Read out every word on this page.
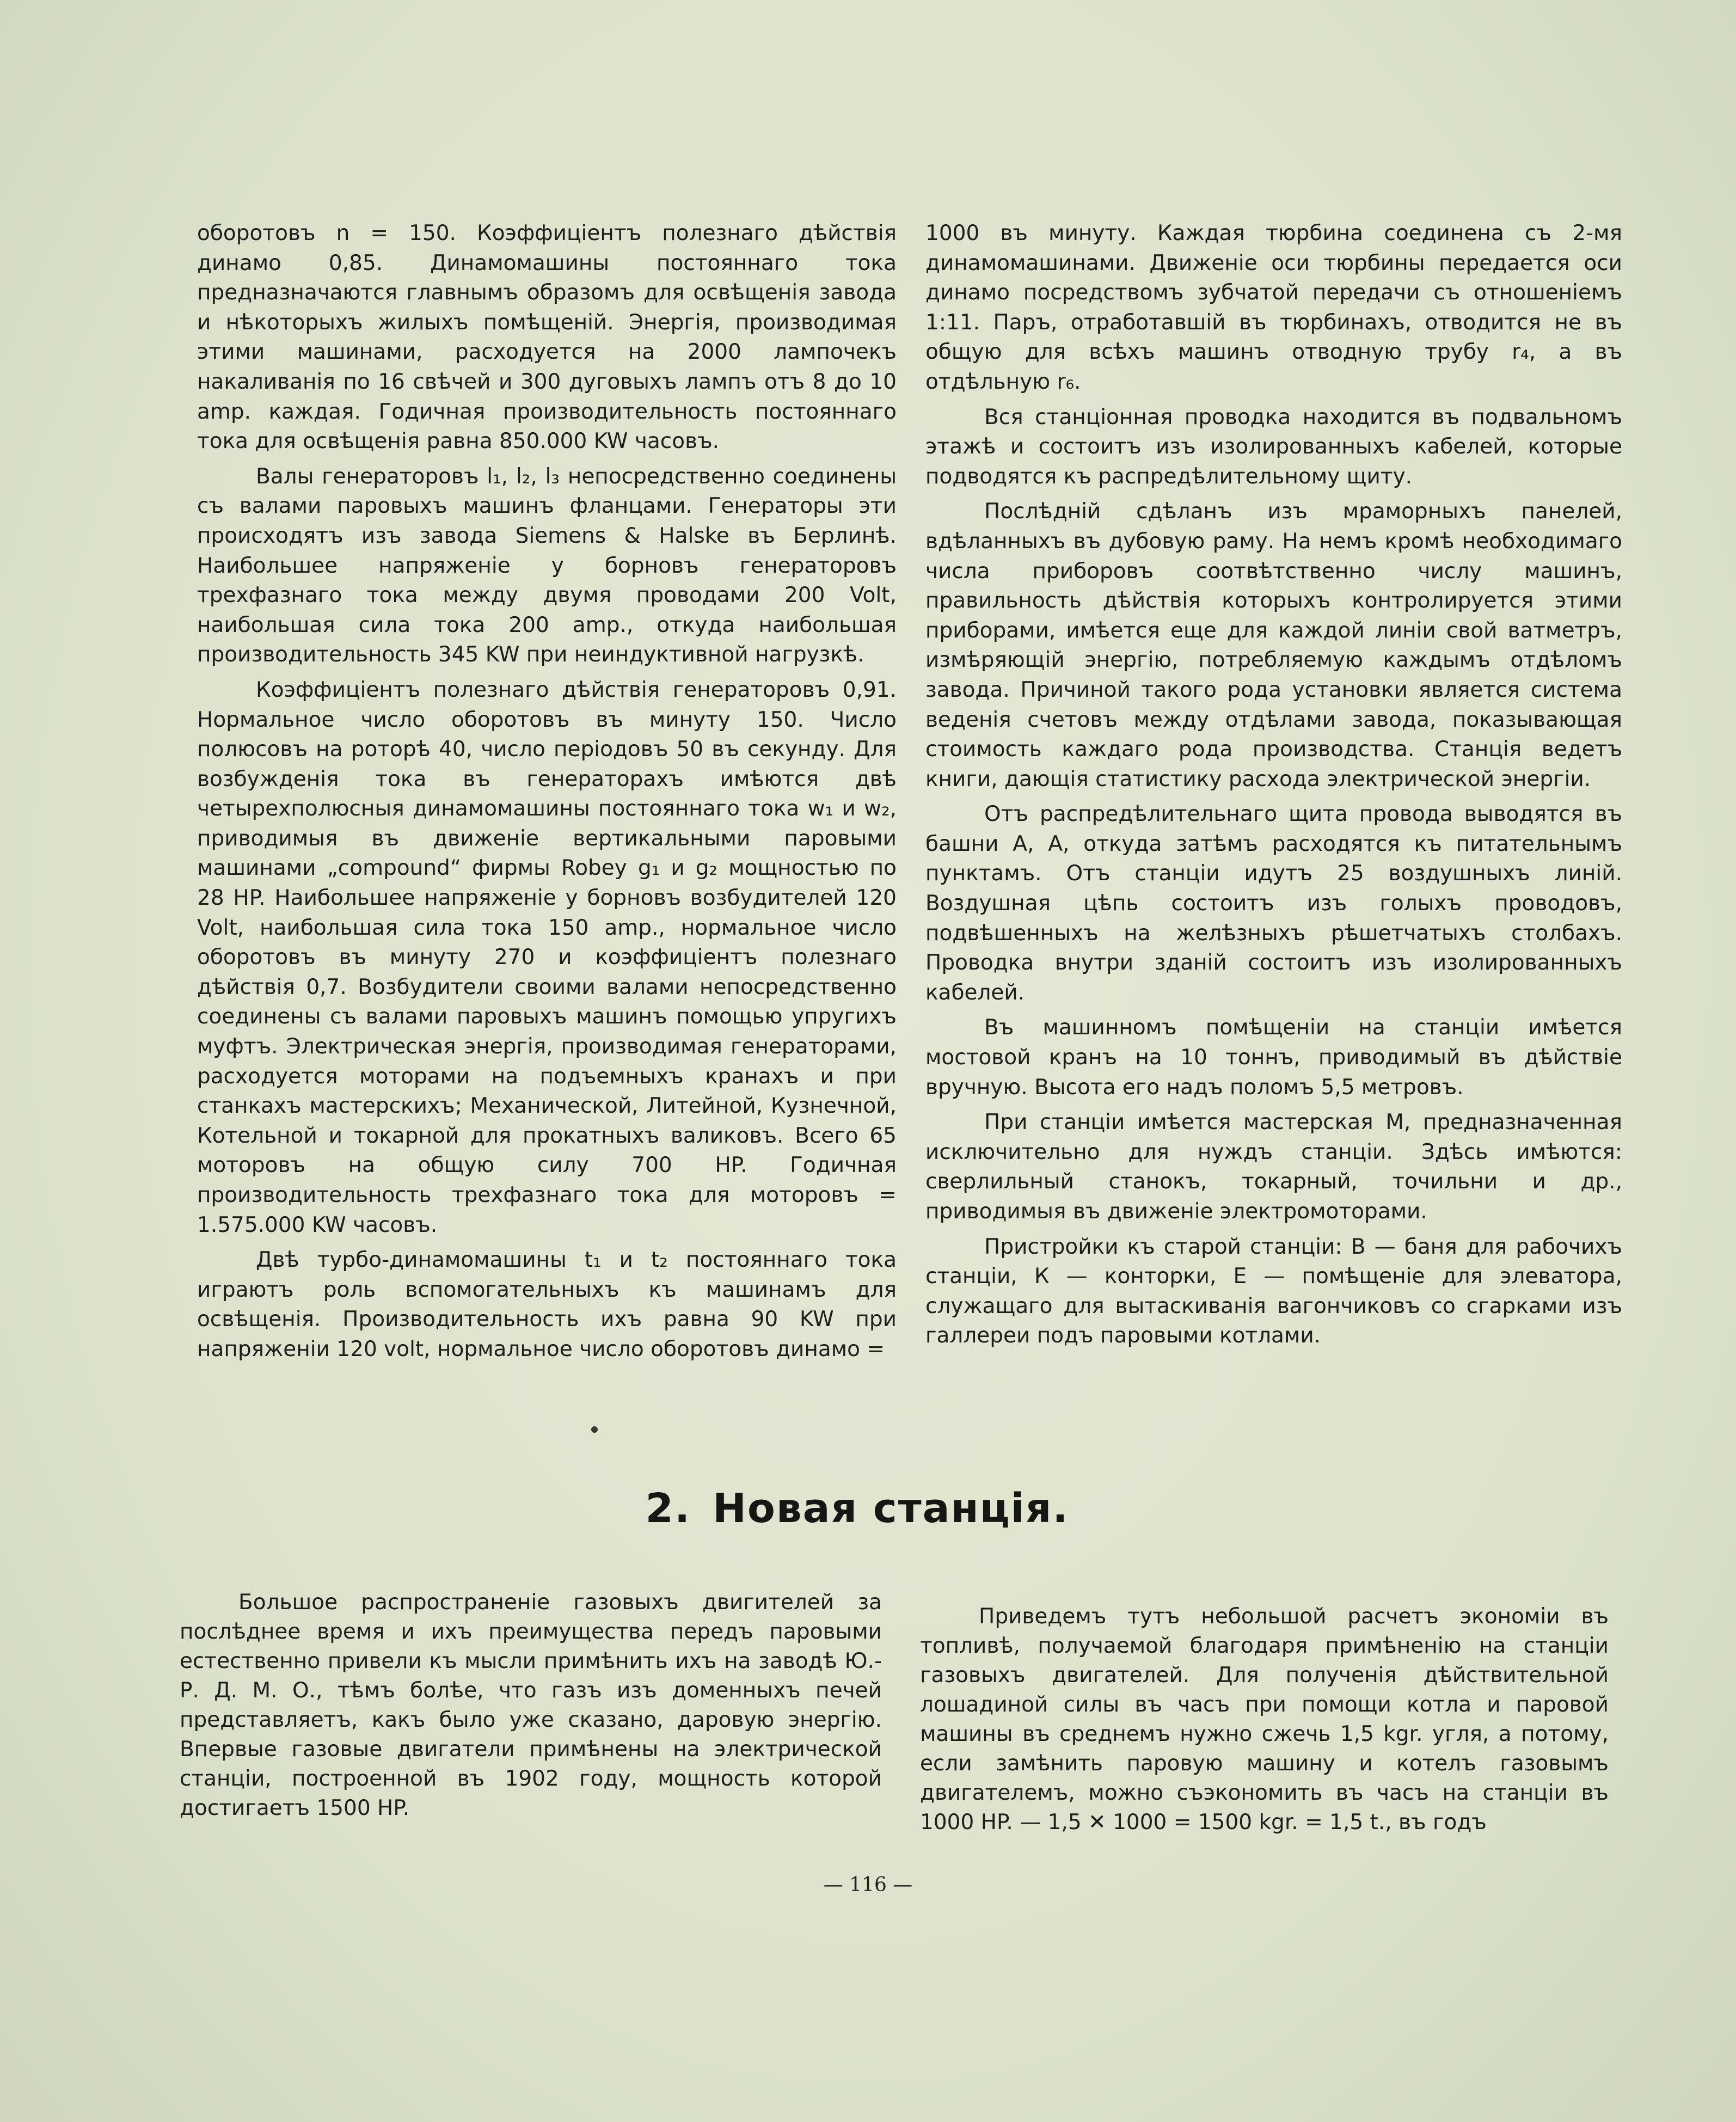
оборотовъ n = 150. Коэффиціентъ полезнаго дѣйствія динамо 0,85. Динамомашины постояннаго тока предназначаются главнымъ образомъ для освѣщенія завода и нѣкоторыхъ жилыхъ помѣщеній. Энергія, производимая этими машинами, расходуется на 2000 лампочекъ накаливанія по 16 свѣчей и 300 дуговыхъ лампъ отъ 8 до 10 amp. каждая. Годичная производительность постояннаго тока для освѣщенія равна 850.000 KW часовъ.

Валы генераторовъ l₁, l₂, l₃ непосредственно соединены съ валами паровыхъ машинъ фланцами. Генераторы эти происходятъ изъ завода Siemens & Halske въ Берлинѣ. Наибольшее напряженіе у борновъ генераторовъ трехфазнаго тока между двумя проводами 200 Volt, наибольшая сила тока 200 amp., откуда наибольшая производительность 345 KW при неиндуктивной нагрузкѣ.

Коэффиціентъ полезнаго дѣйствія генераторовъ 0,91. Нормальное число оборотовъ въ минуту 150. Число полюсовъ на роторѣ 40, число періодовъ 50 въ секунду. Для возбужденія тока въ генераторахъ имѣются двѣ четырехполюсныя динамомашины постояннаго тока w₁ и w₂, приводимыя въ движеніе вертикальными паровыми машинами „compound“ фирмы Robey g₁ и g₂ мощностью по 28 HP. Наибольшее напряженіе у борновъ возбудителей 120 Volt, наибольшая сила тока 150 amp., нормальное число оборотовъ въ минуту 270 и коэффиціентъ полезнаго дѣйствія 0,7. Возбудители своими валами непосредственно соединены съ валами паровыхъ машинъ помощью упругихъ муфтъ. Электрическая энергія, производимая генераторами, расходуется моторами на подъемныхъ кранахъ и при станкахъ мастерскихъ; Механической, Литейной, Кузнечной, Котельной и токарной для прокатныхъ валиковъ. Всего 65 моторовъ на общую силу 700 HP. Годичная производительность трехфазнаго тока для моторовъ = 1.575.000 KW часовъ.

Двѣ турбо-динамомашины t₁ и t₂ постояннаго тока играютъ роль вспомогательныхъ къ машинамъ для освѣщенія. Производительность ихъ равна 90 KW при напряженіи 120 volt, нормальное число оборотовъ динамо =

1000 въ минуту. Каждая тюрбина соединена съ 2-мя динамомашинами. Движеніе оси тюрбины передается оси динамо посредствомъ зубчатой передачи съ отношеніемъ 1:11. Паръ, отработавшій въ тюрбинахъ, отводится не въ общую для всѣхъ машинъ отводную трубу r₄, а въ отдѣльную r₆.

Вся станціонная проводка находится въ подвальномъ этажѣ и состоитъ изъ изолированныхъ кабелей, которые подводятся къ распредѣлительному щиту.

Послѣдній сдѣланъ изъ мраморныхъ панелей, вдѣланныхъ въ дубовую раму. На немъ кромѣ необходимаго числа приборовъ соотвѣтственно числу машинъ, правильность дѣйствія которыхъ контролируется этими приборами, имѣется еще для каждой линіи свой ватметръ, измѣряющій энергію, потребляемую каждымъ отдѣломъ завода. Причиной такого рода установки является система веденія счетовъ между отдѣлами завода, показывающая стоимость каждаго рода производства. Станція ведетъ книги, дающія статистику расхода электрической энергіи.

Отъ распредѣлительнаго щита провода выводятся въ башни А, А, откуда затѣмъ расходятся къ питательнымъ пунктамъ. Отъ станціи идутъ 25 воздушныхъ линій. Воздушная цѣпь состоитъ изъ голыхъ проводовъ, подвѣшенныхъ на желѣзныхъ рѣшетчатыхъ столбахъ. Проводка внутри зданій состоитъ изъ изолированныхъ кабелей.

Въ машинномъ помѣщеніи на станціи имѣется мостовой кранъ на 10 тоннъ, приводимый въ дѣйствіе вручную. Высота его надъ поломъ 5,5 метровъ.

При станціи имѣется мастерская М, предназначенная исключительно для нуждъ станціи. Здѣсь имѣются: сверлильный станокъ, токарный, точильни и др., приводимыя въ движеніе электромоторами.

Пристройки къ старой станціи: В — баня для рабочихъ станціи, К — конторки, Е — помѣщеніе для элеватора, служащаго для вытаскиванія вагончиковъ со сгарками изъ галлереи подъ паровыми котлами.

2. Новая станція.

Большое распространеніе газовыхъ двигителей за послѣднее время и ихъ преимущества передъ паровыми естественно привели къ мысли примѣнить ихъ на заводѣ Ю.-Р. Д. М. О., тѣмъ болѣе, что газъ изъ доменныхъ печей представляетъ, какъ было уже сказано, даровую энергію. Впервые газовые двигатели примѣнены на электрической станціи, построенной въ 1902 году, мощность которой достигаетъ 1500 HP.

Приведемъ тутъ небольшой расчетъ экономіи въ топливѣ, получаемой благодаря примѣненію на станціи газовыхъ двигателей. Для полученія дѣйствительной лошадиной силы въ часъ при помощи котла и паровой машины въ среднемъ нужно сжечь 1,5 kgr. угля, а потому, если замѣнить паровую машину и котелъ газовымъ двигателемъ, можно съэкономить въ часъ на станціи въ 1000 HP. — 1,5 ✕ 1000 = 1500 kgr. = 1,5 t., въ годъ

— 116 —
